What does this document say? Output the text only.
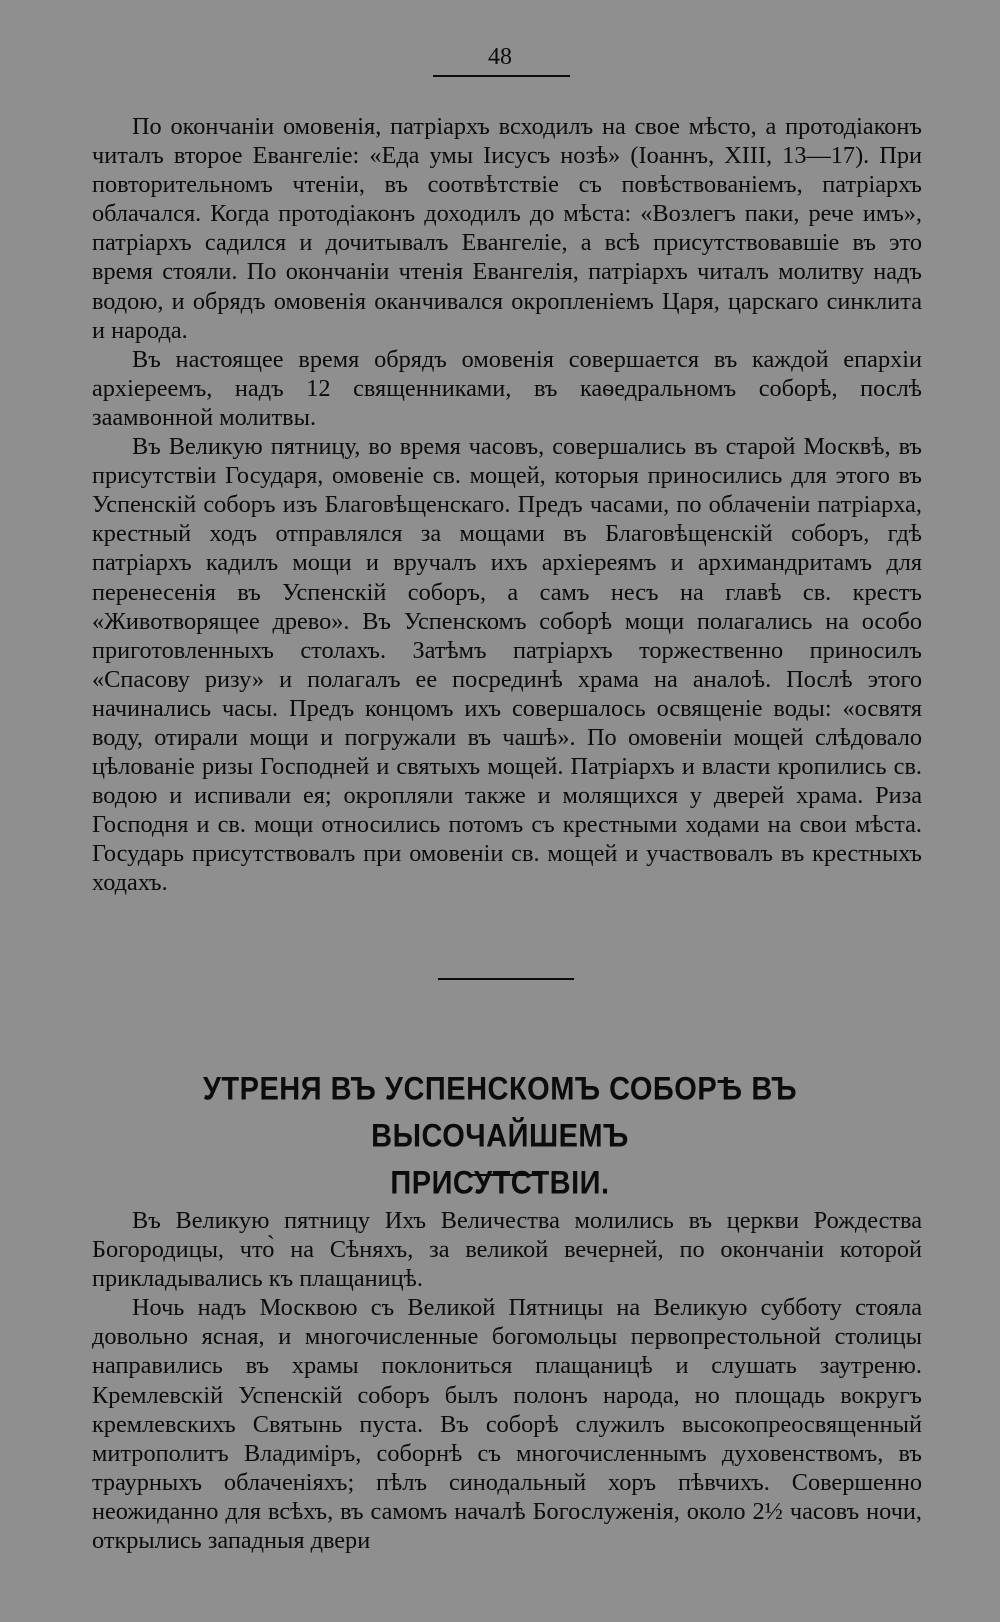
48

По окончанiи омовенiя, патрiархъ всходилъ на свое мѣсто, а протодiаконъ читалъ второе Евангелiе: «Еда умы Iисусъ нозѣ» (Iоаннъ, XIII, 13—17). При повторительномъ чтенiи, въ соотвѣтствiе съ повѣствованiемъ, патрiархъ облачался. Когда протодiаконъ доходилъ до мѣста: «Возлегъ паки, рече имъ», патрiархъ садился и дочитывалъ Евангелiе, а всѣ присутствовавшiе въ это время стояли. По окончанiи чтенiя Евангелiя, патрiархъ читалъ молитву надъ водою, и обрядъ омовенiя оканчивался окропленiемъ Царя, царскаго синклита и народа.

Въ настоящее время обрядъ омовенiя совершается въ каждой епархiи архiереемъ, надъ 12 священниками, въ каѳедральномъ соборѣ, послѣ заамвонной молитвы.

Въ Великую пятницу, во время часовъ, совершались въ старой Москвѣ, въ присутствiи Государя, омовенiе св. мощей, которыя приносились для этого въ Успенскiй соборъ изъ Благовѣщенскаго. Предъ часами, по облаченiи патрiарха, крестный ходъ отправлялся за мощами въ Благовѣщенскiй соборъ, гдѣ патрiархъ кадилъ мощи и вручалъ ихъ архiереямъ и архимандритамъ для перенесенiя въ Успенскiй соборъ, а самъ несъ на главѣ св. крестъ «Животворящее древо». Въ Успенскомъ соборѣ мощи полагались на особо приготовленныхъ столахъ. Затѣмъ патрiархъ торжественно приносилъ «Спасову ризу» и полагалъ ее посрединѣ храма на аналоѣ. Послѣ этого начинались часы. Предъ концомъ ихъ совершалось освященiе воды: «освятя воду, отирали мощи и погружали въ чашѣ». По омовенiи мощей слѣдовало цѣлованiе ризы Господней и святыхъ мощей. Патрiархъ и власти кропились св. водою и испивали ея; окропляли также и молящихся у дверей храма. Риза Господня и св. мощи относились потомъ съ крестными ходами на свои мѣста. Государь присутствовалъ при омовенiи св. мощей и участвовалъ въ крестныхъ ходахъ.

УТРЕНЯ ВЪ УСПЕНСКОМЪ СОБОРѢ ВЪ ВЫСОЧАЙШЕМЪ
ПРИСУТСТВIИ.

Въ Великую пятницу Ихъ Величества молились въ церкви Рождества Богородицы, что̀ на Сѣняхъ, за великой вечерней, по окончанiи которой прикладывались къ плащаницѣ.

Ночь надъ Москвою съ Великой Пятницы на Великую субботу стояла довольно ясная, и многочисленные богомольцы первопрестольной столицы направились въ храмы поклониться плащаницѣ и слушать заутреню. Кремлевскiй Успенскiй соборъ былъ полонъ народа, но площадь вокругъ кремлевскихъ Святынь пуста. Въ соборѣ служилъ высокопреосвященный митрополитъ Владимiръ, соборнѣ съ многочисленнымъ духовенствомъ, въ траурныхъ облаченiяхъ; пѣлъ синодальный хоръ пѣвчихъ. Совершенно неожиданно для всѣхъ, въ самомъ началѣ Богослуженiя, около 2½ часовъ ночи, открылись западныя двери
